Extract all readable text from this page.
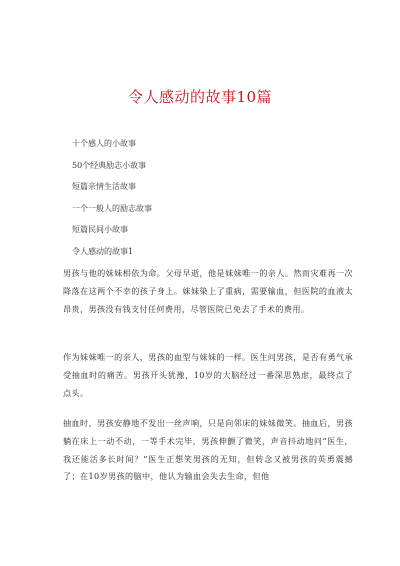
令人感动的故事10篇
十个感人的小故事
50个经典励志小故事
短篇亲情生活故事
一个一般人的励志故事
短篇民间小故事
令人感动的故事1
男孩与他的妹妹相依为命。父母早逝，他是妹妹唯一的亲人。然而灾难再一次降落在这两个不幸的孩子身上。妹妹染上了重病，需要输血，但医院的血液太昂贵，男孩没有钱支付任何费用，尽管医院已免去了手术的费用。
作为妹妹唯一的亲人，男孩的血型与妹妹的一样。医生问男孩，是否有勇气承受抽血时的痛苦。男孩开头犹豫，10岁的大脑经过一番深思熟虑，最终点了点头。
抽血时，男孩安静地不发出一丝声响，只是向邻床的妹妹微笑。抽血后，男孩躺在床上一动不动，一等手术完毕，男孩伸颤了微笑，声音抖动地问“医生，我还能活多长时间？”医生正想笑男孩的无知，但转念又被男孩的英勇震撼了；在10岁男孩的脑中，他认为输血会失去生命，但他
